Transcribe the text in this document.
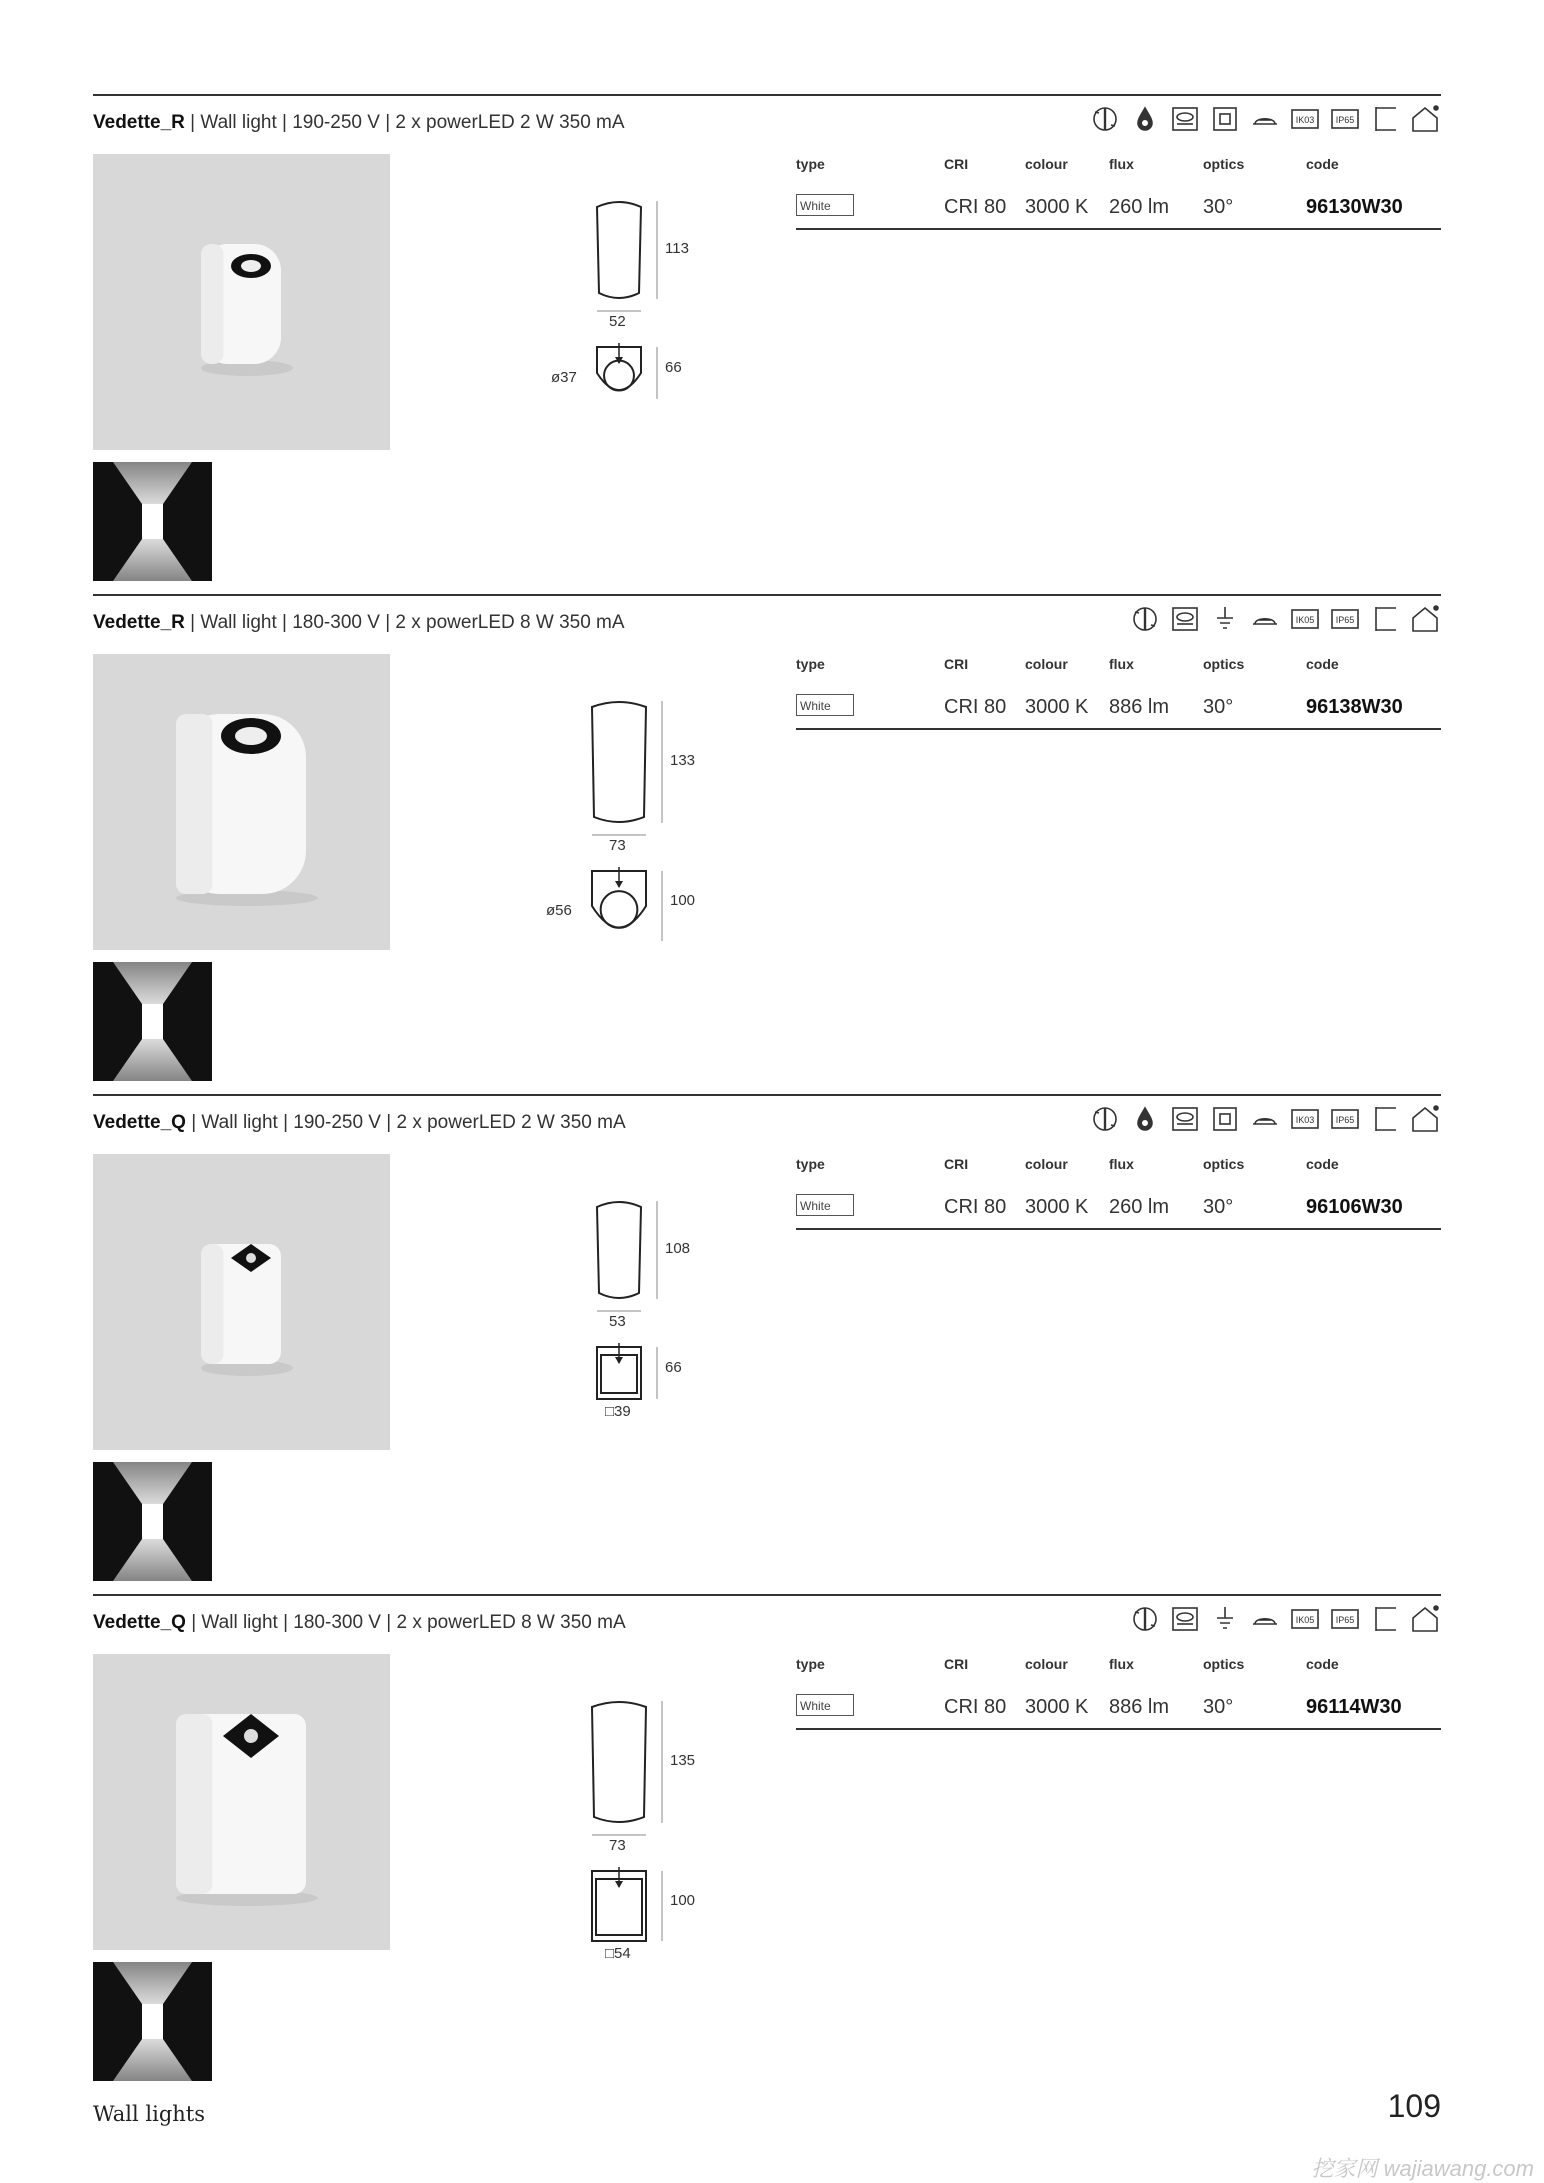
Vedette_R | Wall light | 190-250 V | 2 x powerLED 2 W 350 mA	IK03 IP65
113
52
66
ø37
type	CRI	colour	flux	optics	code
White	CRI 80 3000 K 260 lm 30°	96130W30
Vedette_R | Wall light | 180-300 V | 2 x powerLED 8 W 350 mA	IK05 IP65
133
73
100
ø56
type	CRI	colour	flux	optics	code
White	CRI 80 3000 K 886 lm 30°	96138W30
Vedette_Q | Wall light | 190-250 V | 2 x powerLED 2 W 350 mA	IK03 IP65
108
53
66
□39
type	CRI	colour	flux	optics	code
White	CRI 80 3000 K 260 lm 30°	96106W30
Vedette_Q | Wall light | 180-300 V | 2 x powerLED 8 W 350 mA	IK05 IP65
135
73
100
□54
type	CRI	colour	flux	optics	code
White	CRI 80 3000 K 886 lm 30°	96114W30
Wall lights	109
挖家网 wajiawang.com
